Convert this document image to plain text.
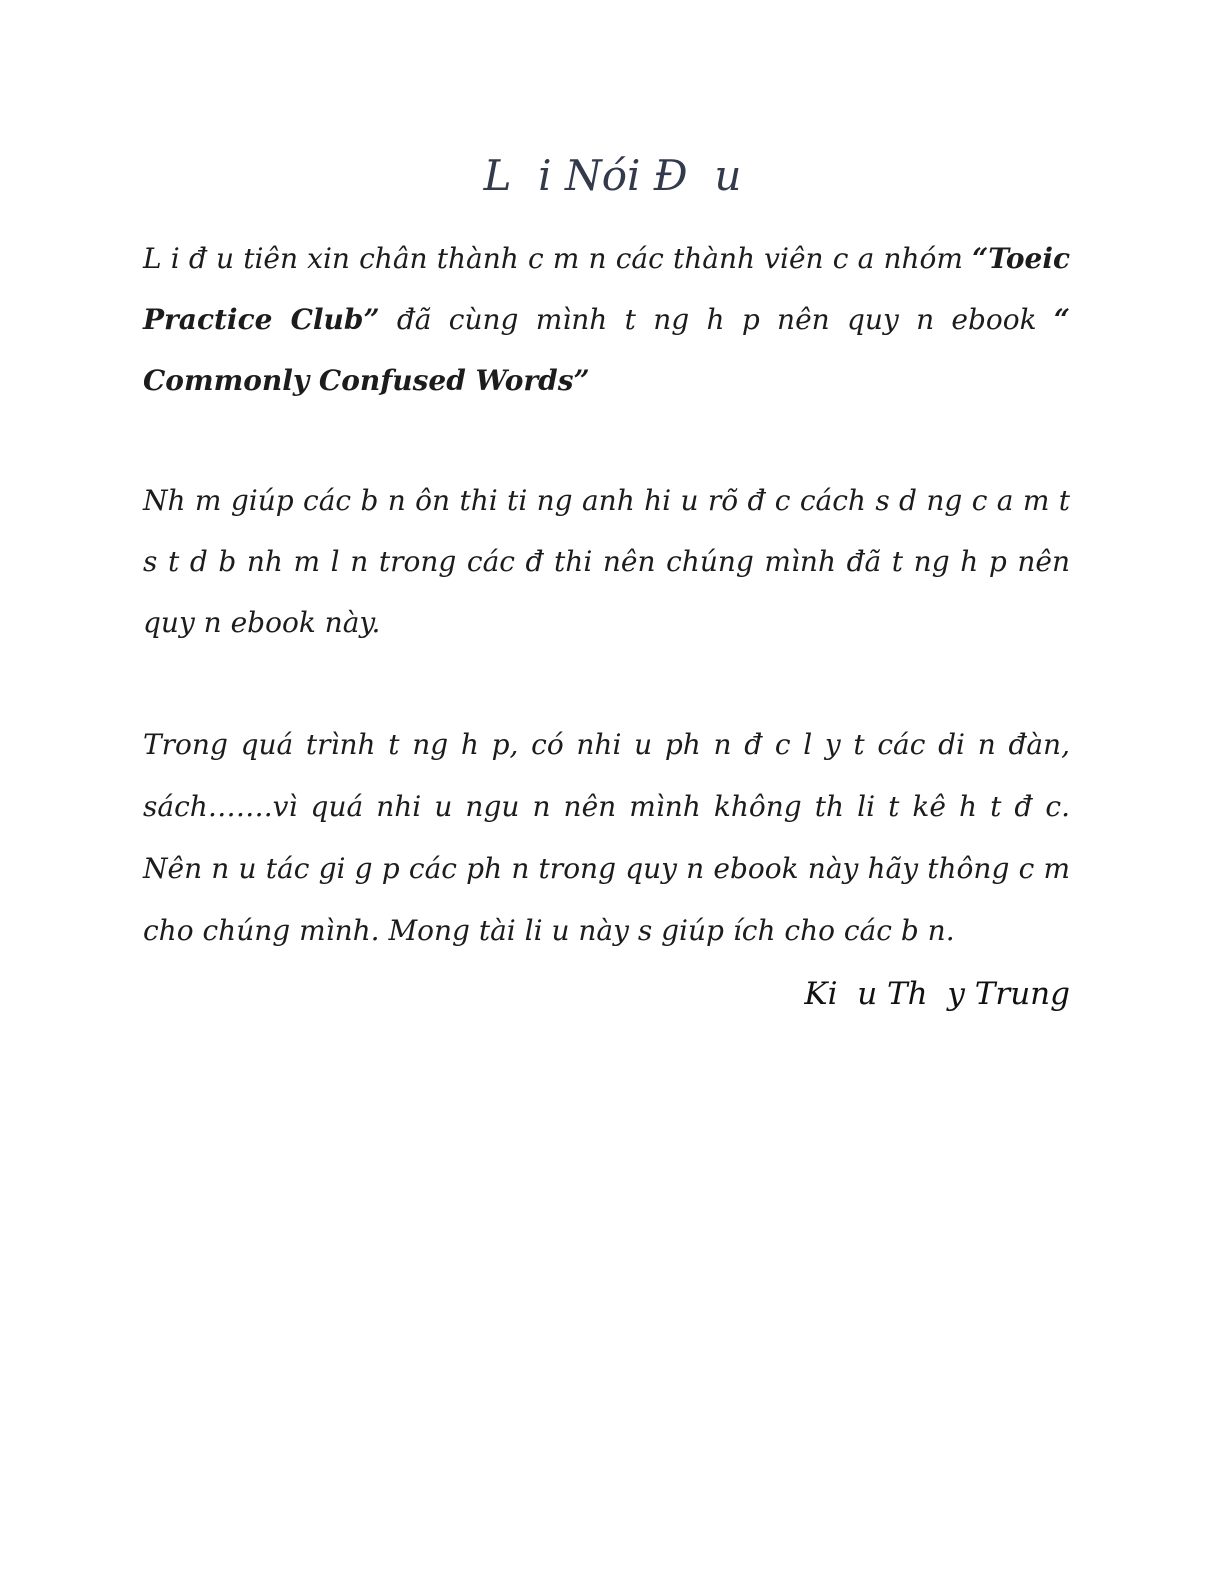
L  i Nói Đ  u
L i đ u tiên xin chân thành c m n các thành viên c a nhóm “Toeic Practice Club” đã cùng mình t ng h p nên quy n ebook “ Commonly Confused Words”
Nh m giúp các b n ôn thi ti ng anh hi u rõ đ c cách s d ng c a m t s t d b nh m l n trong các đ thi nên chúng mình đã t ng h p nên quy n ebook này.
Trong quá trình t ng h p, có nhi u ph n đ c l y t các di n đàn, sách…….vì quá nhi u ngu n nên mình không th li t kê h t đ c. Nên n u tác gi g p các ph n trong quy n ebook này hãy thông c m cho chúng mình. Mong tài li u này s giúp ích cho các b n.
Ki  u Th  y Trung
